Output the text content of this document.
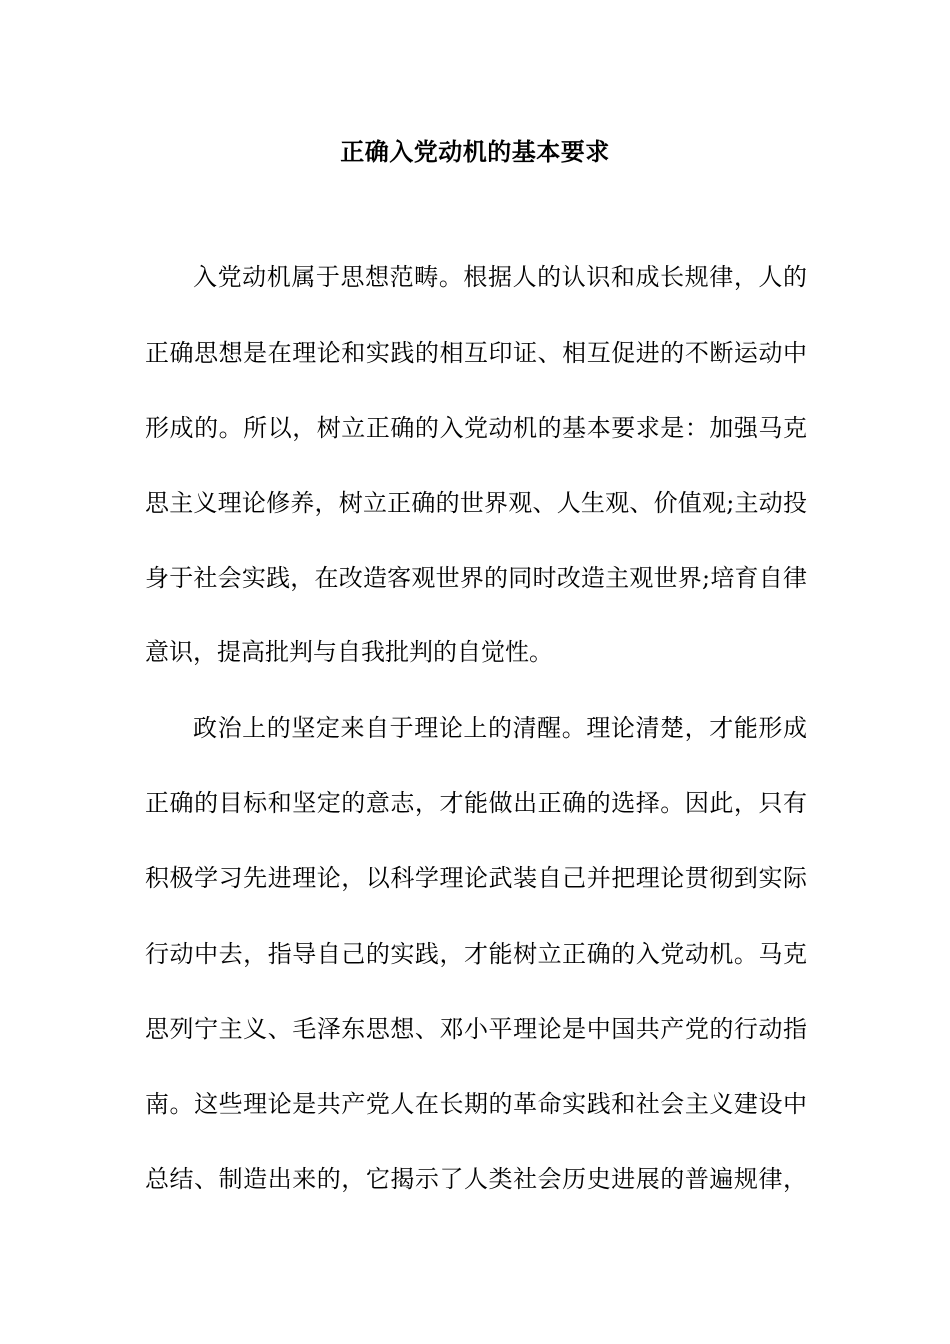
正确入党动机的基本要求
入党动机属于思想范畴。根据人的认识和成长规律，人的
正确思想是在理论和实践的相互印证、相互促进的不断运动中
形成的。所以，树立正确的入党动机的基本要求是：加强马克
思主义理论修养，树立正确的世界观、人生观、价值观;主动投
身于社会实践，在改造客观世界的同时改造主观世界;培育自律
意识，提高批判与自我批判的自觉性。
政治上的坚定来自于理论上的清醒。理论清楚，才能形成
正确的目标和坚定的意志，才能做出正确的选择。因此，只有
积极学习先进理论，以科学理论武装自己并把理论贯彻到实际
行动中去，指导自己的实践，才能树立正确的入党动机。马克
思列宁主义、毛泽东思想、邓小平理论是中国共产党的行动指
南。这些理论是共产党人在长期的革命实践和社会主义建设中
总结、制造出来的，它揭示了人类社会历史进展的普遍规律，
